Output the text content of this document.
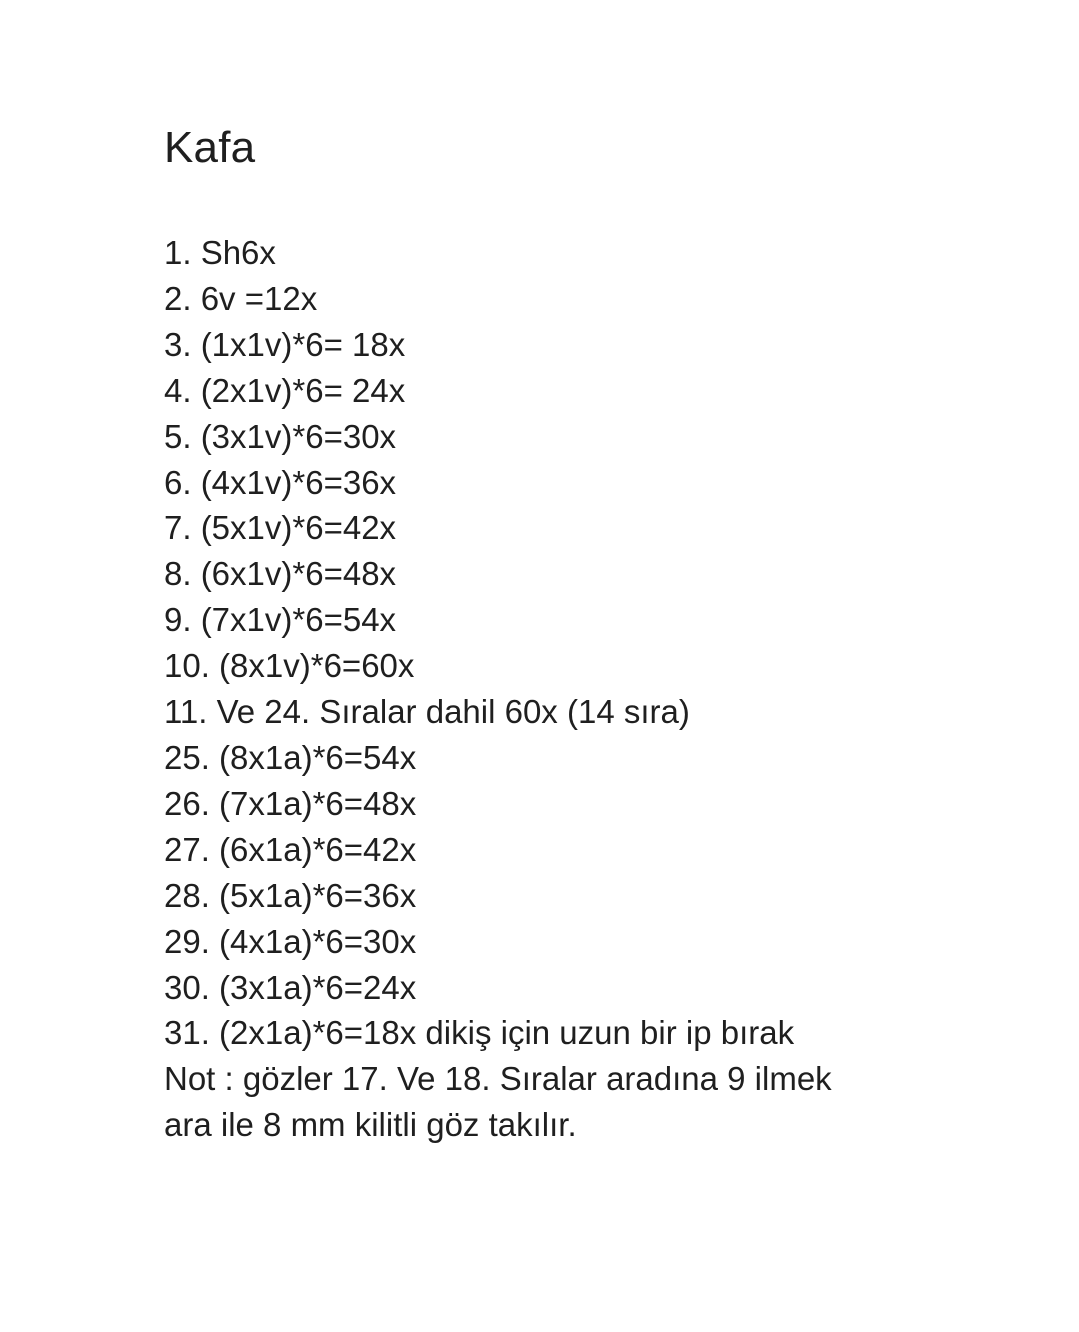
Kafa
1. Sh6x
2. 6v =12x
3. (1x1v)*6= 18x
4. (2x1v)*6= 24x
5. (3x1v)*6=30x
6. (4x1v)*6=36x
7. (5x1v)*6=42x
8. (6x1v)*6=48x
9. (7x1v)*6=54x
10. (8x1v)*6=60x
11. Ve 24. Sıralar dahil 60x (14 sıra)
25. (8x1a)*6=54x
26. (7x1a)*6=48x
27. (6x1a)*6=42x
28. (5x1a)*6=36x
29. (4x1a)*6=30x
30. (3x1a)*6=24x
31. (2x1a)*6=18x dikiş için uzun bir ip bırak
Not : gözler 17. Ve 18. Sıralar aradına 9 ilmek
ara ile 8 mm kilitli göz takılır.
